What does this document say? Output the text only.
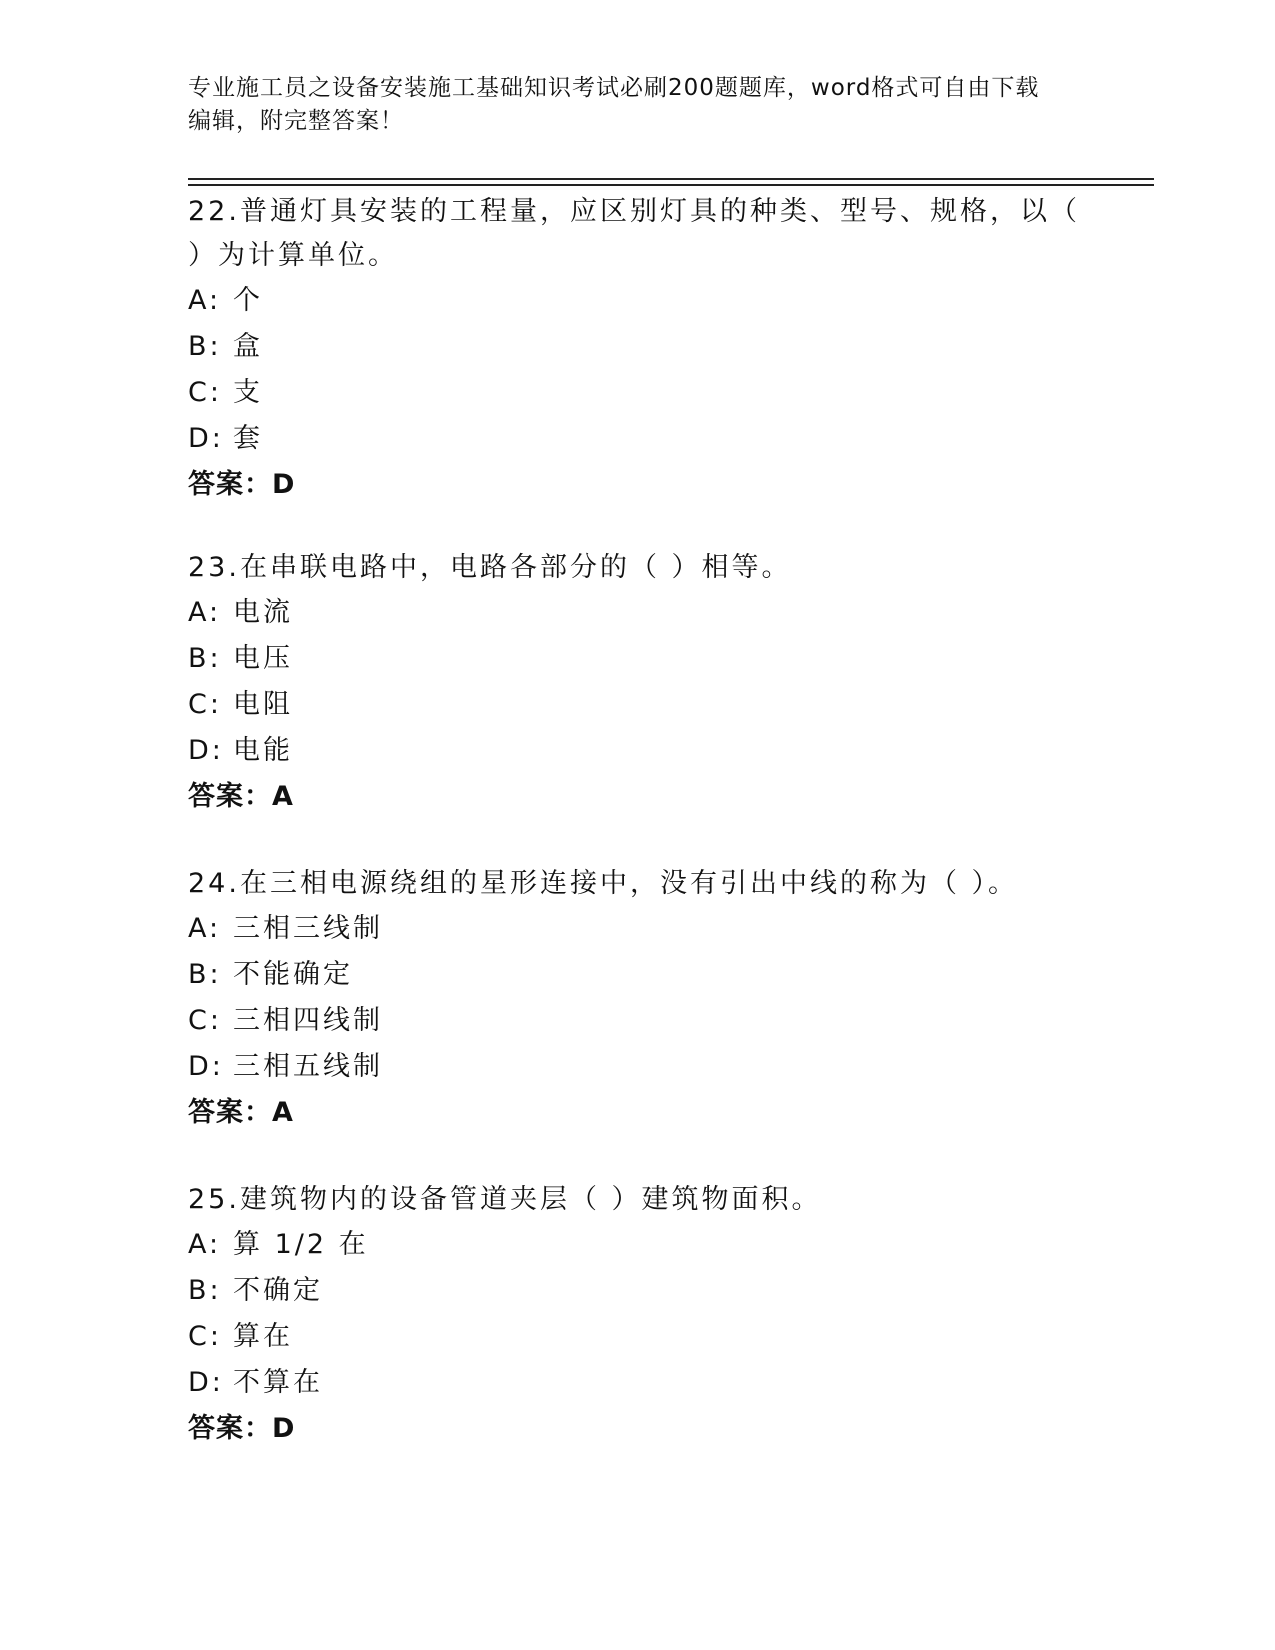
专业施工员之设备安装施工基础知识考试必刷200题题库，word格式可自由下载
编辑，附完整答案！

22.普通灯具安装的工程量，应区别灯具的种类、型号、规格，以（

）为计算单位。

A: 个

B: 盒

C: 支

D: 套

答案：D

23.在串联电路中，电路各部分的（ ）相等。

A: 电流

B: 电压

C: 电阻

D: 电能

答案：A

24.在三相电源绕组的星形连接中，没有引出中线的称为（ ）。

A: 三相三线制

B: 不能确定

C: 三相四线制

D: 三相五线制

答案：A

25.建筑物内的设备管道夹层（ ）建筑物面积。

A: 算 1/2 在

B: 不确定

C: 算在

D: 不算在

答案：D
